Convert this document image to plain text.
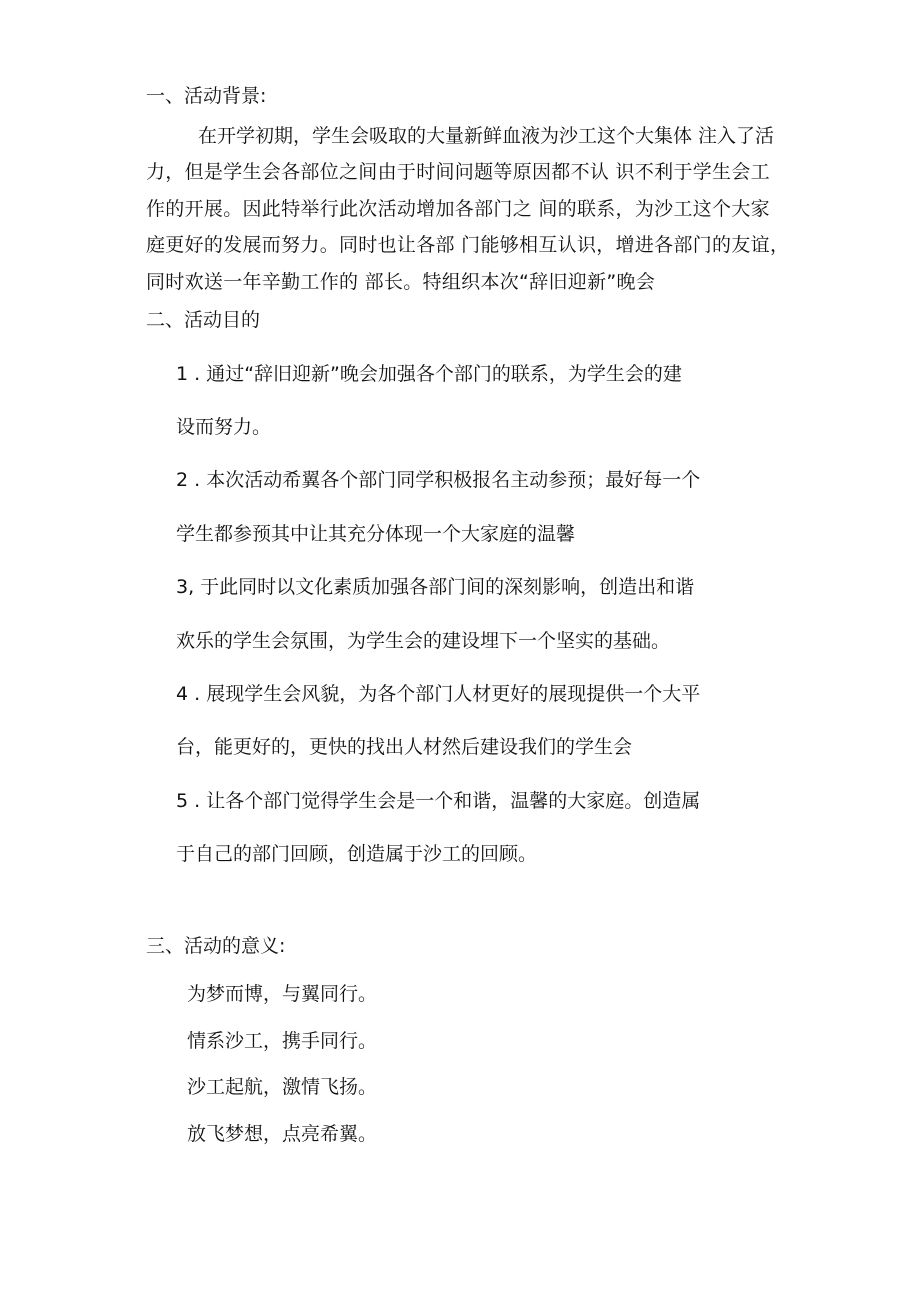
一、活动背景:
在开学初期，学生会吸取的大量新鲜血液为沙工这个大集体 注入了活
力，但是学生会各部位之间由于时间问题等原因都不认 识不利于学生会工
作的开展。因此特举行此次活动增加各部门之 间的联系，为沙工这个大家
庭更好的发展而努力。同时也让各部 门能够相互认识，增进各部门的友谊，
同时欢送一年辛勤工作的 部长。特组织本次“辞旧迎新”晚会
二、活动目的
1 . 通过“辞旧迎新”晚会加强各个部门的联系，为学生会的建
设而努力。
2 . 本次活动希翼各个部门同学积极报名主动参预；最好每一个
学生都参预其中让其充分体现一个大家庭的温馨
3, 于此同时以文化素质加强各部门间的深刻影响，创造出和谐
欢乐的学生会氛围，为学生会的建设埋下一个坚实的基础。
4 . 展现学生会风貌，为各个部门人材更好的展现提供一个大平
台，能更好的，更快的找出人材然后建设我们的学生会
5 . 让各个部门觉得学生会是一个和谐，温馨的大家庭。创造属
于自己的部门回顾，创造属于沙工的回顾。
三、活动的意义:
为梦而博，与翼同行。
情系沙工，携手同行。
沙工起航，激情飞扬。
放飞梦想，点亮希翼。
